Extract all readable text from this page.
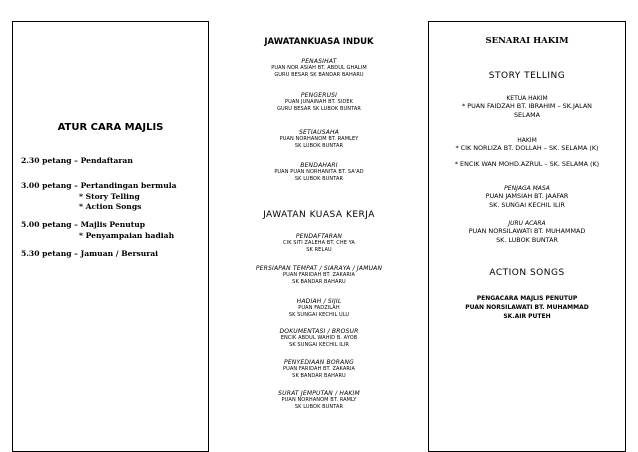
ATUR CARA MAJLIS
2.30 petang – Pendaftaran
3.00 petang – Pertandingan bermula
* Story Telling
* Action Songs
5.00 petang – Majlis Penutup
* Penyampaian hadiah
5.30 petang – Jamuan / Bersurai
JAWATANKUASA INDUK
PENASIHAT
PUAN NOR ASIAH BT. ABDUL GHALIM
GURU BESAR SK BANDAR BAHARU
PENGERUSI
PUAN JUNAINAH BT. SIDEK
GURU BESAR SK LUBOK BUNTAR
SETIAUSAHA
PUAN NORHANOM BT. RAMLEY
SK LUBOK BUNTAR
BENDAHARI
PUAN PUAN NORHANITA BT. SA'AD
SK LUBOK BUNTAR
JAWATAN KUASA KERJA
PENDAFTARAN
CIK SITI ZALEHA BT. CHE YA
SK RELAU
PERSIAPAN TEMPAT / SIARAYA / JAMUAN
PUAN FARIDAH BT. ZAKARIA
SK BANDAR BAHARU
HADIAH / SIJIL
PUAN FADZILAH
SK SUNGAI KECHIL ULU
DOKUMENTASI / BROSUR
ENCIK ABDUL WAHID B. AYOB
SK SUNGAI KECHIL ILIR
PENYEDIAAN BORANG
PUAN FARIDAH BT. ZAKARIA
SK BANDAR BAHARU
SURAT JEMPUTAN / HAKIM
PUAN NORHANOM BT. RAMLY
SK LUBOK BUNTAR
SENARAI HAKIM
STORY TELLING
KETUA HAKIM
* PUAN FAIDZAH BT. IBRAHIM – SK.JALAN
SELAMA
HAKIM
* CIK NORLIZA BT. DOLLAH – SK. SELAMA (K)
* ENCIK WAN MOHD.AZRUL – SK. SELAMA (K)
PENJAGA MASA
PUAN JAMSIAH BT. JAAFAR
SK. SUNGAI KECHIL ILIR
JURU ACARA
PUAN NORSILAWATI BT. MUHAMMAD
SK. LUBOK BUNTAR
ACTION SONGS
PENGACARA MAJLIS PENUTUP
PUAN NORSILAWATI BT. MUHAMMAD
SK.AIR PUTEH
